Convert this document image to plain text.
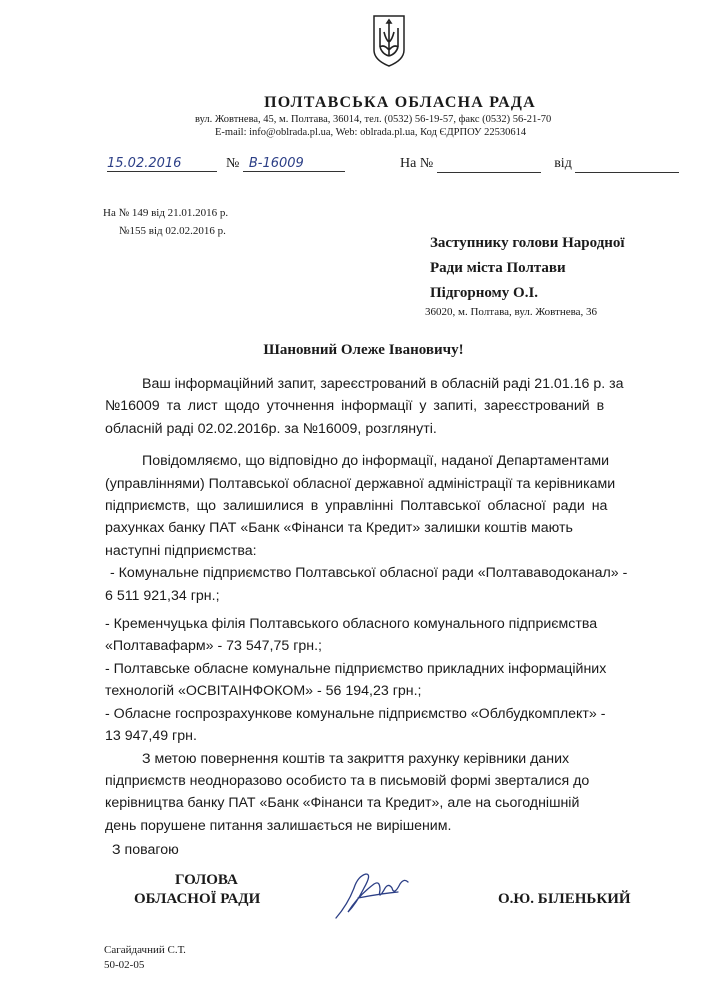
ПОЛТАВСЬКА ОБЛАСНА РАДА
вул. Жовтнева, 45, м. Полтава, 36014, тел. (0532) 56-19-57, факс (0532) 56-21-70
E-mail: info@oblrada.pl.ua, Web: oblrada.pl.ua, Код ЄДРПОУ 22530614
15.02.2016	№ В-16009	На №	від
На № 149 від 21.01.2016 р.
№155 від 02.02.2016 р.
Заступнику голови Народної
Ради міста Полтави
Підгорному О.І.
36020, м. Полтава, вул. Жовтнева, 36
Шановний Олеже Івановичу!
Ваш інформаційний запит, зареєстрований в обласній раді 21.01.16 р. за
№16009 та лист щодо уточнення інформації у запиті, зареєстрований в
обласній раді 02.02.2016р. за №16009, розглянуті.
Повідомляємо, що відповідно до інформації, наданої Департаментами
(управліннями) Полтавської обласної державної адміністрації та керівниками
підприємств, що залишилися в управлінні Полтавської обласної ради на
рахунках банку ПАТ «Банк «Фінанси та Кредит» залишки коштів мають
наступні підприємства:
- Комунальне підприємство Полтавської обласної ради «Полтававодоканал» -
6 511 921,34 грн.;
- Кременчуцька філія Полтавського обласного комунального підприємства
«Полтавафарм» - 73 547,75 грн.;
- Полтавське обласне комунальне підприємство прикладних інформаційних
технологій «ОСВІТАІНФОКОМ» - 56 194,23 грн.;
- Обласне госпрозрахункове комунальне підприємство «Облбудкомплект» -
13 947,49 грн.
З метою повернення коштів та закриття рахунку керівники даних
підприємств неодноразово особисто та в письмовій формі зверталися до
керівництва банку ПАТ «Банк «Фінанси та Кредит», але на сьогоднішній
день порушене питання залишається не вирішеним.
З повагою
ГОЛОВА
ОБЛАСНОЇ РАДИ	О.Ю. БІЛЕНЬКИЙ
Сагайдачний С.Т.
50-02-05
